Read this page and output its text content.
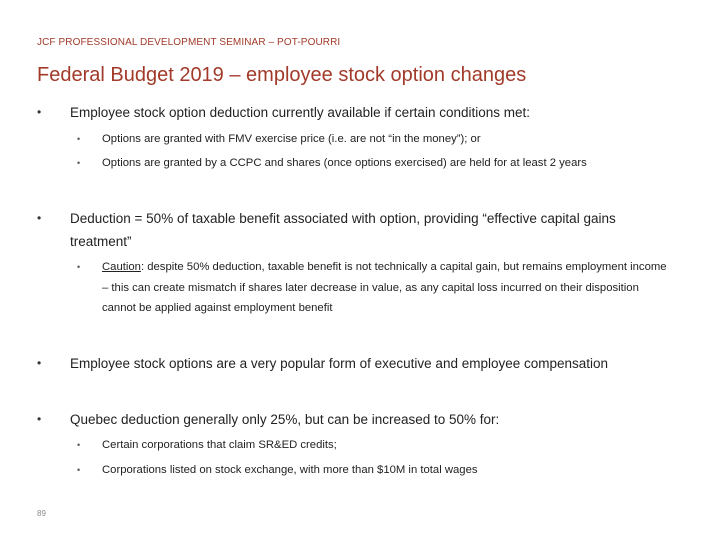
JCF PROFESSIONAL DEVELOPMENT SEMINAR – POT-POURRI
Federal Budget 2019 – employee stock option changes
• Employee stock option deduction currently available if certain conditions met:
• Options are granted with FMV exercise price (i.e. are not “in the money”); or
• Options are granted by a CCPC and shares (once options exercised) are held for at least 2 years
• Deduction = 50% of taxable benefit associated with option, providing “effective capital gains treatment”
• Caution: despite 50% deduction, taxable benefit is not technically a capital gain, but remains employment income – this can create mismatch if shares later decrease in value, as any capital loss incurred on their disposition cannot be applied against employment benefit
• Employee stock options are a very popular form of executive and employee compensation
• Quebec deduction generally only 25%, but can be increased to 50% for:
• Certain corporations that claim SR&ED credits;
• Corporations listed on stock exchange, with more than $10M in total wages
89
